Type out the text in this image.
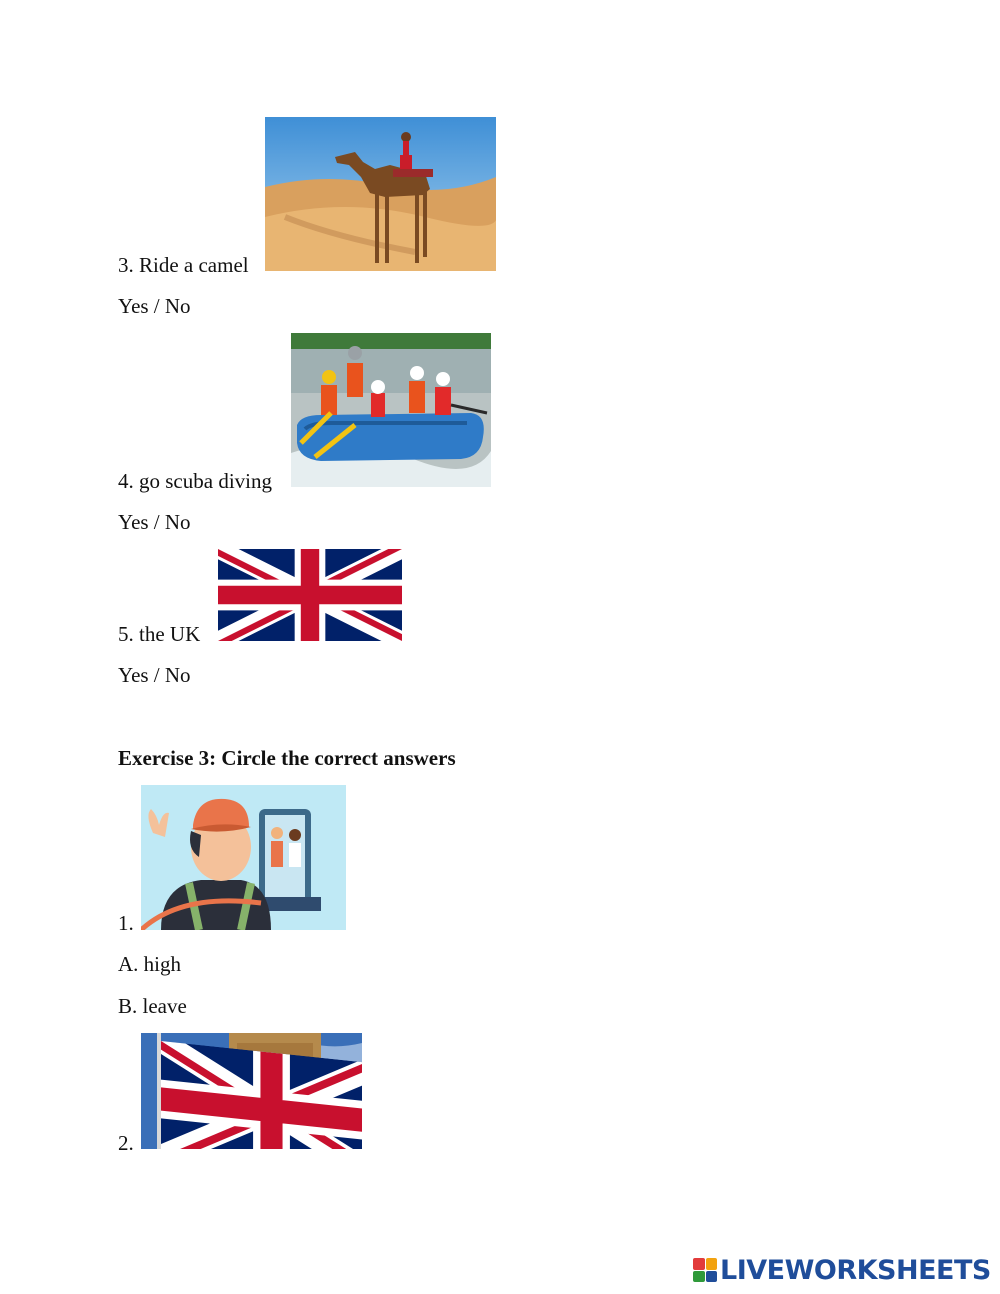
3. Ride a camel
Yes / No
4. go scuba diving
Yes / No
5. the UK
Yes / No
Exercise 3: Circle the correct answers
1.
A. high
B. leave
2.
LIVEWORKSHEETS
